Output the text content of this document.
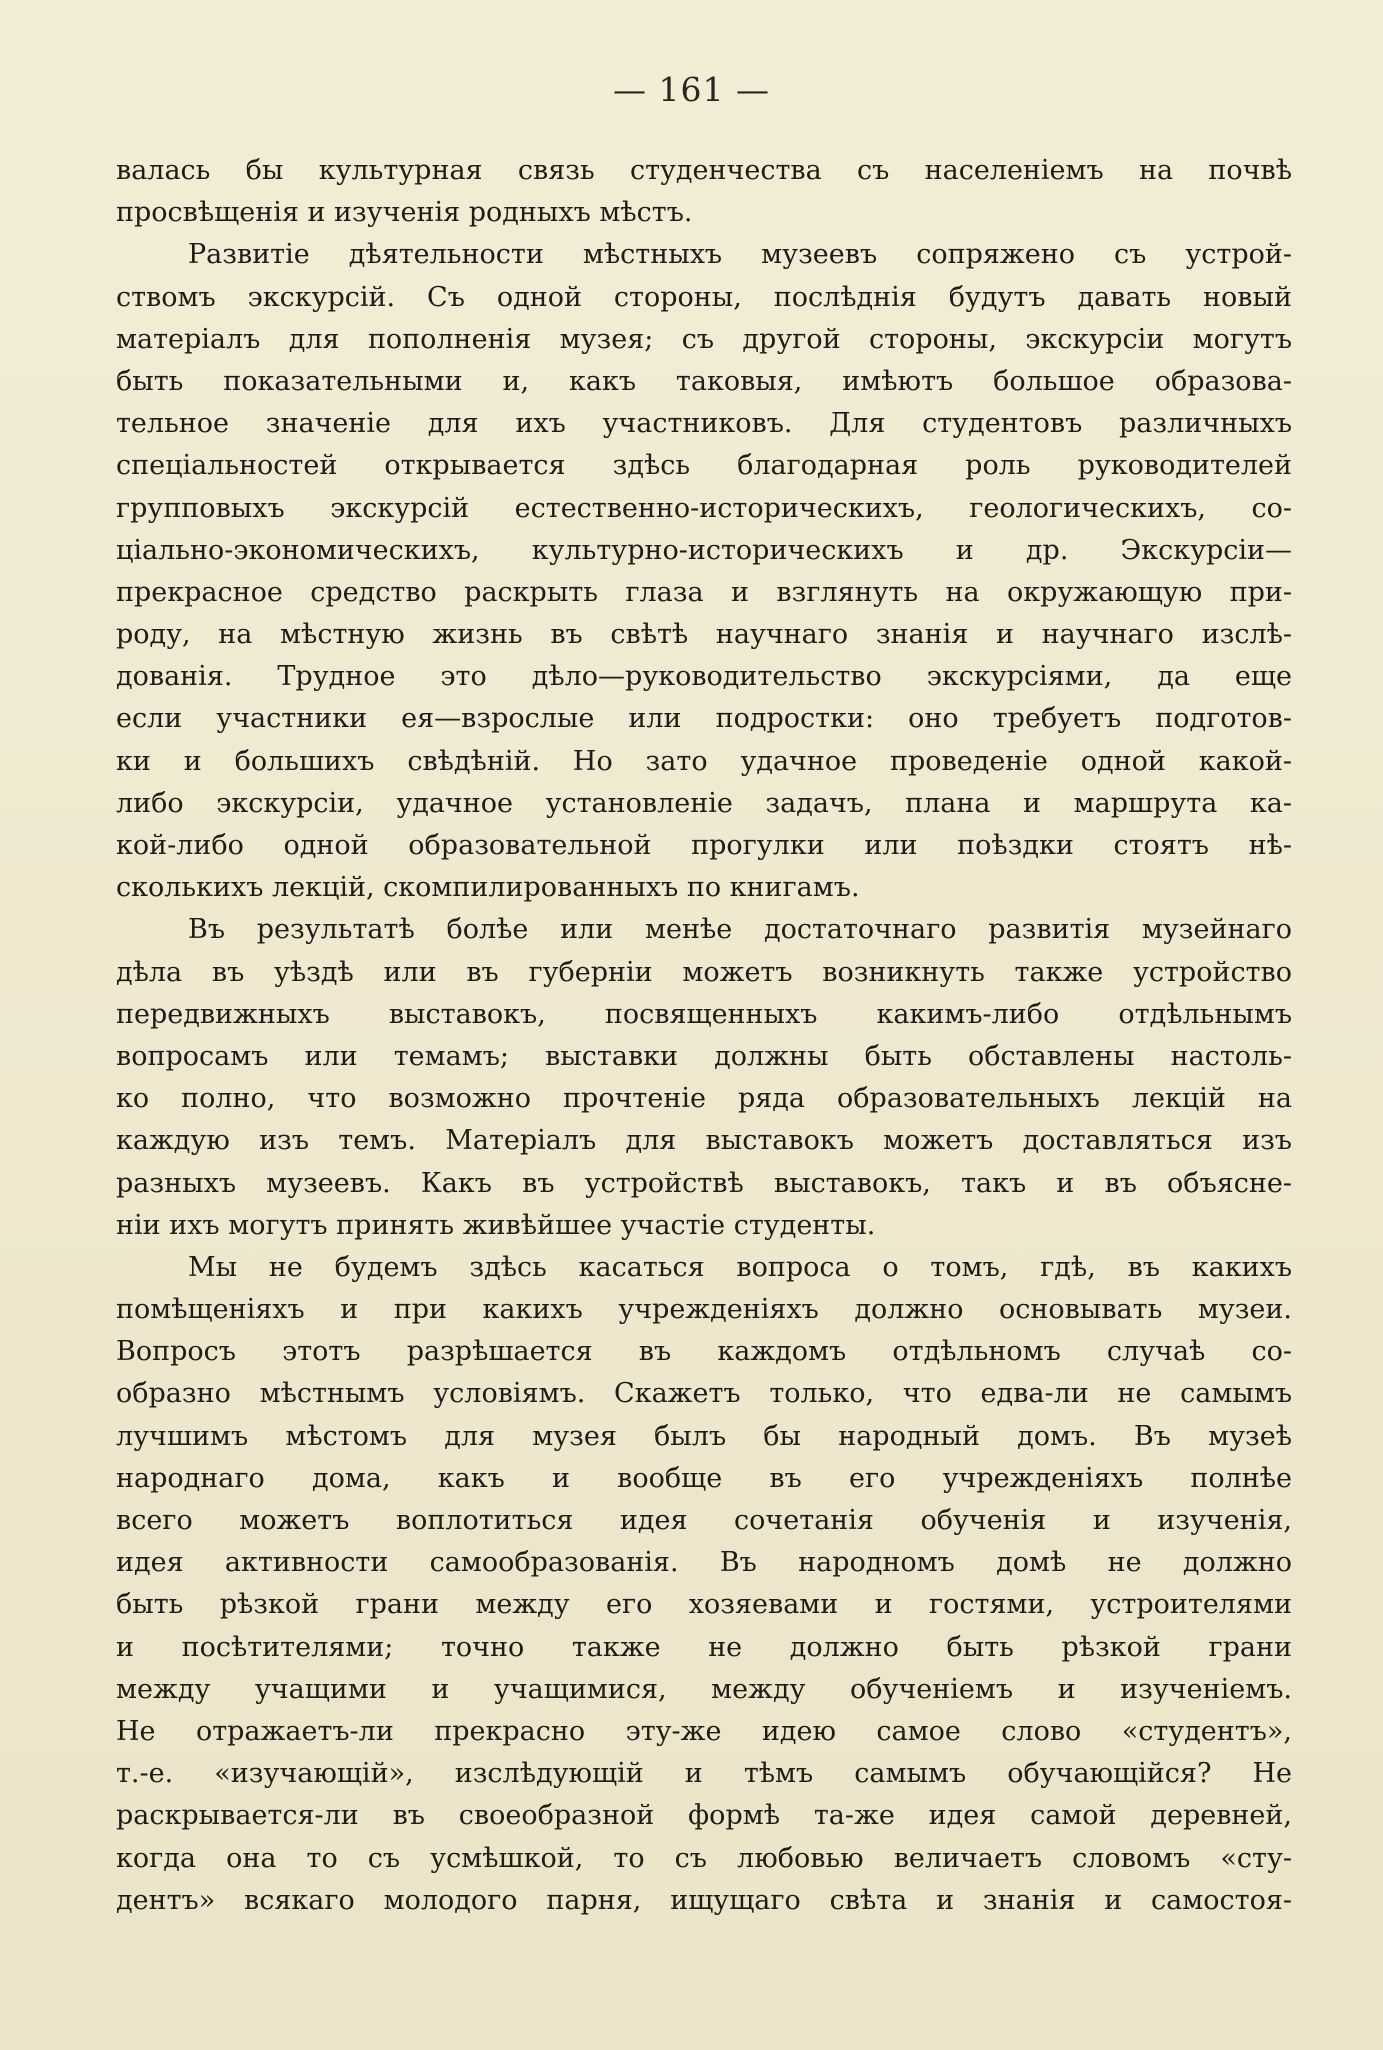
— 161 —
валась бы культурная связь студенчества съ населеніемъ на почвѣ
просвѣщенія и изученія родныхъ мѣстъ.
Развитіе дѣятельности мѣстныхъ музеевъ сопряжено съ устрой-
ствомъ экскурсій. Съ одной стороны, послѣднія будутъ давать новый
матеріалъ для пополненія музея; съ другой стороны, экскурсіи могутъ
быть показательными и, какъ таковыя, имѣютъ большое образова-
тельное значеніе для ихъ участниковъ. Для студентовъ различныхъ
спеціальностей открывается здѣсь благодарная роль руководителей
групповыхъ экскурсій естественно-историческихъ, геологическихъ, со-
ціально-экономическихъ, культурно-историческихъ и др. Экскурсіи—
прекрасное средство раскрыть глаза и взглянуть на окружающую при-
роду, на мѣстную жизнь въ свѣтѣ научнаго знанія и научнаго изслѣ-
дованія. Трудное это дѣло—руководительство экскурсіями, да еще
если участники ея—взрослые или подростки: оно требуетъ подготов-
ки и большихъ свѣдѣній. Но зато удачное проведеніе одной какой-
либо экскурсіи, удачное установленіе задачъ, плана и маршрута ка-
кой-либо одной образовательной прогулки или поѣздки стоятъ нѣ-
сколькихъ лекцій, скомпилированныхъ по книгамъ.
Въ результатѣ болѣе или менѣе достаточнаго развитія музейнаго
дѣла въ уѣздѣ или въ губерніи можетъ возникнуть также устройство
передвижныхъ выставокъ, посвященныхъ какимъ-либо отдѣльнымъ
вопросамъ или темамъ; выставки должны быть обставлены настоль-
ко полно, что возможно прочтеніе ряда образовательныхъ лекцій на
каждую изъ темъ. Матеріалъ для выставокъ можетъ доставляться изъ
разныхъ музеевъ. Какъ въ устройствѣ выставокъ, такъ и въ объясне-
ніи ихъ могутъ принять живѣйшее участіе студенты.
Мы не будемъ здѣсь касаться вопроса о томъ, гдѣ, въ какихъ
помѣщеніяхъ и при какихъ учрежденіяхъ должно основывать музеи.
Вопросъ этотъ разрѣшается въ каждомъ отдѣльномъ случаѣ со-
образно мѣстнымъ условіямъ. Скажетъ только, что едва-ли не самымъ
лучшимъ мѣстомъ для музея былъ бы народный домъ. Въ музеѣ
народнаго дома, какъ и вообще въ его учрежденіяхъ полнѣе
всего можетъ воплотиться идея сочетанія обученія и изученія,
идея активности самообразованія. Въ народномъ домѣ не должно
быть рѣзкой грани между его хозяевами и гостями, устроителями
и посѣтителями; точно также не должно быть рѣзкой грани
между учащими и учащимися, между обученіемъ и изученіемъ.
Не отражаетъ-ли прекрасно эту-же идею самое слово «студентъ»,
т.-е. «изучающій», изслѣдующій и тѣмъ самымъ обучающійся? Не
раскрывается-ли въ своеобразной формѣ та-же идея самой деревней,
когда она то съ усмѣшкой, то съ любовью величаетъ словомъ «сту-
дентъ» всякаго молодого парня, ищущаго свѣта и знанія и самостоя-
